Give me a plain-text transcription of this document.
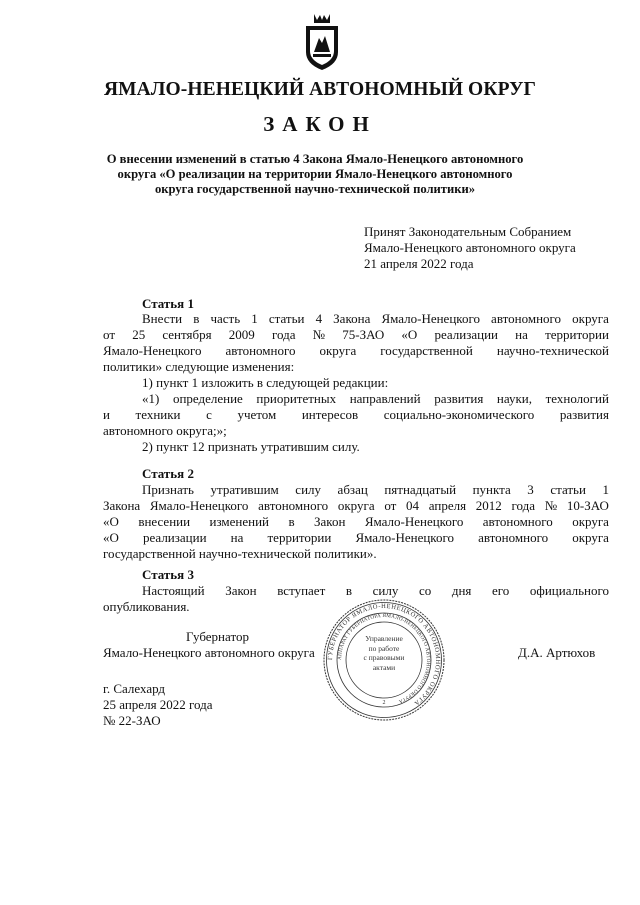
ЯМАЛО-НЕНЕЦКИЙ АВТОНОМНЫЙ ОКРУГ
ЗАКОН
О внесении изменений в статью 4 Закона Ямало-Ненецкого автономного
округа «О реализации на территории Ямало-Ненецкого автономного
округа государственной научно-технической политики»
Принят Законодательным Собранием
Ямало-Ненецкого автономного округа
21 апреля 2022 года
Статья 1
Внести в часть 1 статьи 4 Закона Ямало-Ненецкого автономного округа
от 25 сентября 2009 года № 75-ЗАО «О реализации на территории
Ямало-Ненецкого автономного округа государственной научно-технической
политики» следующие изменения:
1) пункт 1 изложить в следующей редакции:
«1) определение приоритетных направлений развития науки, технологий
и техники с учетом интересов социально-экономического развития
автономного округа;»;
2) пункт 12 признать утратившим силу.
Статья 2
Признать утратившим силу абзац пятнадцатый пункта 3 статьи 1
Закона Ямало-Ненецкого автономного округа от 04 апреля 2012 года № 10-ЗАО
«О внесении изменений в Закон Ямало-Ненецкого автономного округа
«О реализации на территории Ямало-Ненецкого автономного округа
государственной научно-технической политики».
Статья 3
Настоящий Закон вступает в силу со дня его официального
опубликования.
Губернатор
Ямало-Ненецкого автономного округа	Д.А. Артюхов
ГУБЕРНАТОР ЯМАЛО-НЕНЕЦКОГО АВТОНОМНОГО ОКРУГА
АППАРАТ ГУБЕРНАТОРА ЯМАЛО-НЕНЕЦКОГО АВТОНОМНОГО ОКРУГА
2
Управление
по работе
с правовыми
актами
г. Салехард
25 апреля 2022 года
№ 22-ЗАО
